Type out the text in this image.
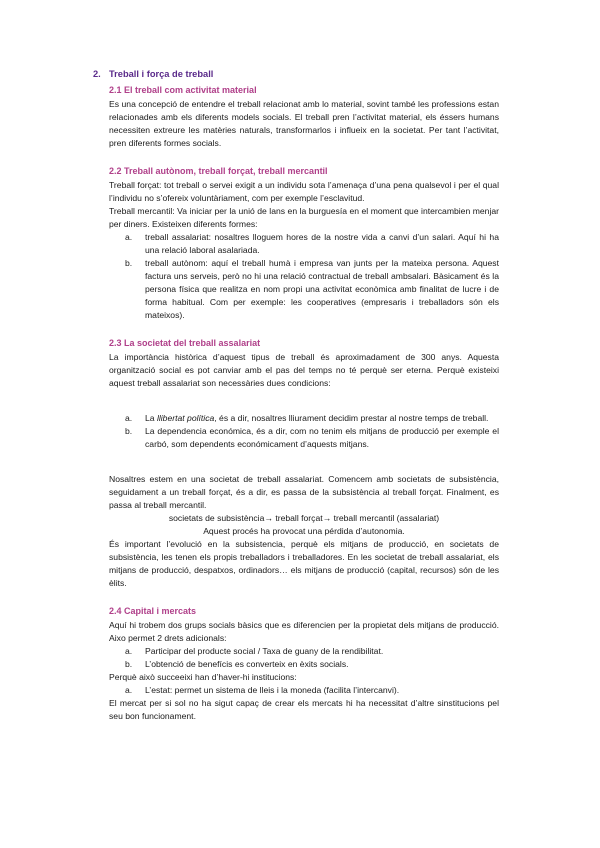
2. Treball i força de treball
2.1 El treball com activitat material

Es una concepció de entendre el treball relacionat amb lo material, sovint també les professions estan relacionades amb els diferents models socials. El treball pren l’activitat material, els éssers humans necessiten extreure les matèries naturals, transformarlos i influeix en la societat. Per tant l’activitat, pren diferents formes socials.

2.2 Treball autònom, treball forçat, treball mercantil

Treball forçat: tot treball o servei exigit a un individu sota l’amenaça d’una pena qualsevol i per el qual l’individu no s’ofereix voluntàriament, com per exemple l’esclavitud.

Treball mercantil: Va iniciar per la unió de lans en la burguesía en el moment que intercambien menjar per diners. Existeixen diferents formes:

a.	treball assalariat: nosaltres lloguem hores de la nostre vida a canvi d’un salari. Aquí hi ha una relació laboral asalariada.
b.	treball autònom: aquí el treball humà i empresa van junts per la mateixa persona. Aquest factura uns serveis, però no hi una relació contractual de treball ambsalari. Bàsicament és la persona física que realitza en nom propi una activitat econòmica amb finalitat de lucre i de forma habitual. Com per exemple: les cooperatives (empresaris i treballadors són els mateixos).
2.3 La societat del treball assalariat

La importància històrica d’aquest tipus de treball és aproximadament de 300 anys. Aquesta organització social es pot canviar amb el pas del temps no té perquè ser eterna. Perquè existeixi aquest treball assalariat son necessàries dues condicions:

a.	La llibertat política, és a dir, nosaltres lliurament decidim prestar al nostre temps de treball.
b.	La dependencia económica, és a dir, com no tenim els mitjans de producció per exemple el carbó, som dependents económicament d’aquests mitjans.

Nosaltres estem en una societat de treball assalariat. Comencem amb societats de subsistència, seguidament a un treball forçat, és a dir, es passa de la subsistència al treball forçat. Finalment, es passa al treball mercantil.

societats de subsistència→ treball forçat→ treball mercantil (assalariat)

Aquest procés ha provocat una pérdida d’autonomia.

És important l’evolució en la subsistencia, perquè els mitjans de producció, en societats de subsistència, les tenen els propis treballadors i treballadores. En les societat de treball assalariat, els mitjans de producció, despatxos, ordinadors… els mitjans de producció (capital, recursos) són de les èlits.

2.4 Capital i mercats

Aquí hi trobem dos grups socials bàsics que es diferencien per la propietat dels mitjans de producció. Aixo permet 2 drets adicionals:

a.	Participar del producte social / Taxa de guany de la rendibilitat.
b.	L’obtenció de benefícis es converteix en èxits socials.

Perquè això succeeixi han d’haver-hi institucions:

a.	L’estat: permet un sistema de lleis i la moneda (facilita l’intercanvi).

El mercat per si sol no ha sigut capaç de crear els mercats hi ha necessitat d’altre sinstitucions pel seu bon funcionament.
